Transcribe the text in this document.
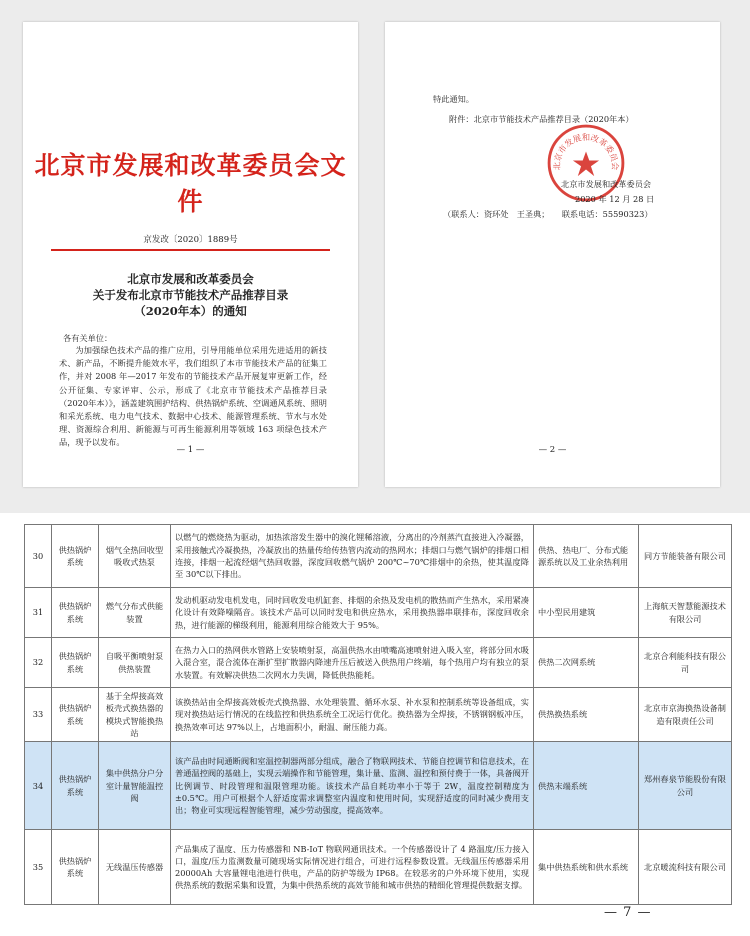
北京市发展和改革委员会文件
京发改〔2020〕1889号
北京市发展和改革委员会
关于发布北京市节能技术产品推荐目录
（2020年本）的通知
各有关单位：
为加强绿色技术产品的推广应用，引导用能单位采用先进适用的新技术、新产品，不断提升能效水平，我们组织了本市节能技术产品的征集工作，并对 2008 年—2017 年发布的节能技术产品开展复审更新工作，经公开征集、专家评审、公示，形成了《北京市节能技术产品推荐目录（2020年本）》，涵盖建筑围护结构、供热锅炉系统、空调通风系统、照明和采光系统、电力电气技术、数据中心技术、能源管理系统、节水与水处理、资源综合利用、新能源与可再生能源利用等领域 163 项绿色技术产品，现予以发布。
— 1 —
特此通知。
附件：北京市节能技术产品推荐目录（2020年本）
北京市发展和改革委员会
北京市发展和改革委员会
2020 年 12 月 28 日
（联系人：资环处　王圣典；　　联系电话：55590323）
— 2 —
30	供热锅炉系统	烟气全热回收型吸收式热泵	以燃气的燃烧热为驱动，加热浓溶发生器中的溴化锂稀溶液，分离出的冷剂蒸汽直接进入冷凝器，采用接触式冷凝换热，冷凝放出的热量传给传热管内流动的热网水；排烟口与燃气锅炉的排烟口相连接，排烟一起流经烟气热回收器，深度回收燃气锅炉 200℃~70℃排烟中的余热，使其温度降至 30℃以下排出。	供热、热电厂、分布式能源系统以及工业余热利用	同方节能装备有限公司
31	供热锅炉系统	燃气分布式供能装置	发动机驱动发电机发电，同时回收发电机缸套、排烟的余热及发电机的散热而产生热水，采用紧凑化设计有效降噪隔音。该技术产品可以同时发电和供应热水，采用换热器串联排布，深度回收余热，进行能源的梯级利用，能源利用综合能效大于 95%。	中小型民用建筑	上海航天智慧能源技术有限公司
32	供热锅炉系统	自吸平衡喷射泵供热装置	在热力入口的热网供水管路上安装喷射泵，高温供热水由喷嘴高速喷射进入吸入室，将部分回水吸入混合室，混合流体在渐扩型扩散器内降速升压后被送入供热用户终端，每个热用户均有独立的泵水装置。有效解决供热二次网水力失调，降低供热能耗。	供热二次网系统	北京合利能科技有限公司
33	供热锅炉系统	基于全焊接高效板壳式换热器的模块式智能换热站	该换热站由全焊接高效板壳式换热器、水处理装置、循环水泵、补水泵和控制系统等设备组成，实现对换热站运行情况的在线监控和供热系统全工况运行优化。换热器为全焊接，不锈钢钢板冲压，换热效率可达 97%以上，占地面积小，耐温、耐压能力高。	供热换热系统	北京市京海换热设备制造有限责任公司
34	供热锅炉系统	集中供热分户分室计量智能温控阀	该产品由时间通断阀和室温控制器两部分组成，融合了物联网技术、节能自控调节和信息技术，在普通温控阀的基础上，实现云端操作和节能管理，集计量、监测、温控和预付费于一体，具备阀开比例调节、时段管理和温限管理功能。该技术产品自耗功率小于等于 2W，温度控制精度为±0.5℃。用户可根据个人舒适度需求调整室内温度和使用时间，实现舒适度的同时减少费用支出；物业可实现远程智能管理，减少劳动强度，提高效率。	供热末端系统	郑州春泉节能股份有限公司
35	供热锅炉系统	无线温压传感器	产品集成了温度、压力传感器和 NB-IoT 物联网通讯技术。一个传感器设计了 4 路温度/压力接入口，温度/压力监测数量可随现场实际情况进行组合，可进行远程参数设置。无线温压传感器采用 20000Ah 大容量锂电池进行供电，产品的防护等级为 IP68。在较恶劣的户外环境下使用，实现供热系统的数据采集和设置，为集中供热系统的高效节能和城市供热的精细化管理提供数据支撑。	集中供热系统和供水系统	北京暖流科技有限公司
— 7 —
